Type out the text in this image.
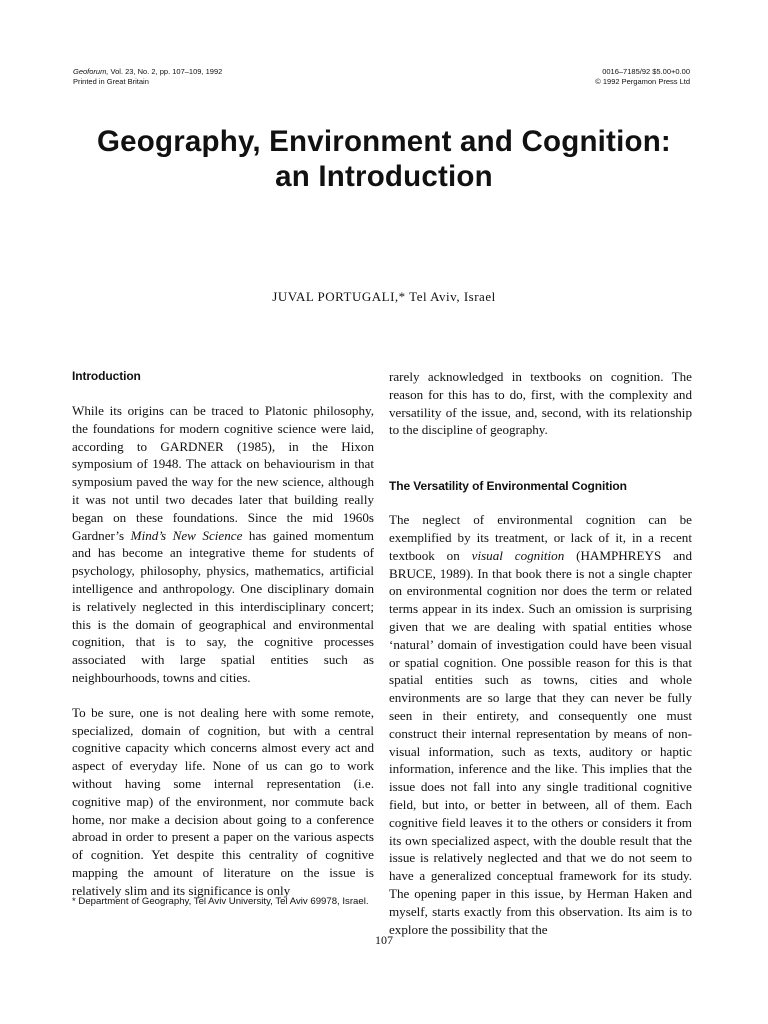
Geoforum, Vol. 23, No. 2, pp. 107–109, 1992
Printed in Great Britain
0016–7185/92 $5.00+0.00
© 1992 Pergamon Press Ltd
Geography, Environment and Cognition:
an Introduction
JUVAL PORTUGALI,* Tel Aviv, Israel
Introduction

While its origins can be traced to Platonic philosophy, the foundations for modern cognitive science were laid, according to GARDNER (1985), in the Hixon symposium of 1948. The attack on behaviourism in that symposium paved the way for the new science, although it was not until two decades later that building really began on these foundations. Since the mid 1960s Gardner’s Mind’s New Science has gained momentum and has become an integrative theme for students of psychology, philosophy, physics, mathematics, artificial intelligence and anthropology. One disciplinary domain is relatively neglected in this interdisciplinary concert; this is the domain of geographical and environmental cognition, that is to say, the cognitive processes associated with large spatial entities such as neighbourhoods, towns and cities.

To be sure, one is not dealing here with some remote, specialized, domain of cognition, but with a central cognitive capacity which concerns almost every act and aspect of everyday life. None of us can go to work without having some internal representation (i.e. cognitive map) of the environment, nor commute back home, nor make a decision about going to a conference abroad in order to present a paper on the various aspects of cognition. Yet despite this centrality of cognitive mapping the amount of literature on the issue is relatively slim and its significance is only

* Department of Geography, Tel Aviv University, Tel Aviv 69978, Israel.

rarely acknowledged in textbooks on cognition. The reason for this has to do, first, with the complexity and versatility of the issue, and, second, with its relationship to the discipline of geography.

The Versatility of Environmental Cognition

The neglect of environmental cognition can be exemplified by its treatment, or lack of it, in a recent textbook on visual cognition (HAMPHREYS and BRUCE, 1989). In that book there is not a single chapter on environmental cognition nor does the term or related terms appear in its index. Such an omission is surprising given that we are dealing with spatial entities whose ‘natural’ domain of investigation could have been visual or spatial cognition. One possible reason for this is that spatial entities such as towns, cities and whole environments are so large that they can never be fully seen in their entirety, and consequently one must construct their internal representation by means of non-visual information, such as texts, auditory or haptic information, inference and the like. This implies that the issue does not fall into any single traditional cognitive field, but into, or better in between, all of them. Each cognitive field leaves it to the others or considers it from its own specialized aspect, with the double result that the issue is relatively neglected and that we do not seem to have a generalized conceptual framework for its study. The opening paper in this issue, by Herman Haken and myself, starts exactly from this observation. Its aim is to explore the possibility that the

107
